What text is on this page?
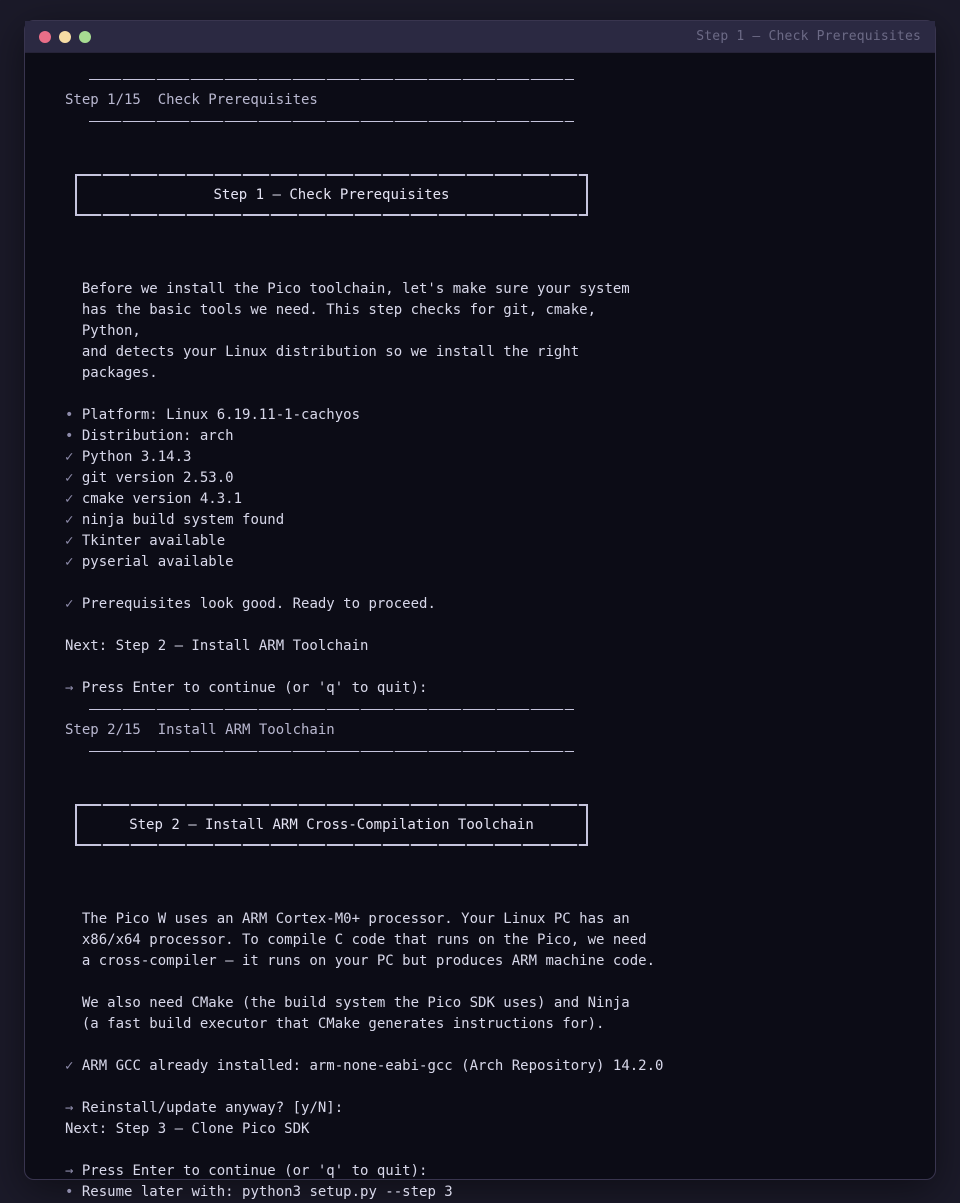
Step 1 — Check Prerequisites
Step 1/15 Check Prerequisites
Step 1 — Check Prerequisites
Before we install the Pico toolchain, let's make sure your system
has the basic tools we need. This step checks for git, cmake,
Python,
and detects your Linux distribution so we install the right
packages.
• Platform: Linux 6.19.11-1-cachyos
• Distribution: arch
✓ Python 3.14.3
✓ git version 2.53.0
✓ cmake version 4.3.1
✓ ninja build system found
✓ Tkinter available
✓ pyserial available
✓ Prerequisites look good. Ready to proceed.
Next: Step 2 — Install ARM Toolchain
→ Press Enter to continue (or 'q' to quit):
Step 2/15 Install ARM Toolchain
Step 2 — Install ARM Cross-Compilation Toolchain
The Pico W uses an ARM Cortex-M0+ processor. Your Linux PC has an
x86/x64 processor. To compile C code that runs on the Pico, we need
a cross-compiler — it runs on your PC but produces ARM machine code.

We also need CMake (the build system the Pico SDK uses) and Ninja
(a fast build executor that CMake generates instructions for).
✓ ARM GCC already installed: arm-none-eabi-gcc (Arch Repository) 14.2.0
→ Reinstall/update anyway? [y/N]:
Next: Step 3 — Clone Pico SDK
→ Press Enter to continue (or 'q' to quit):
• Resume later with: python3 setup.py --step 3
